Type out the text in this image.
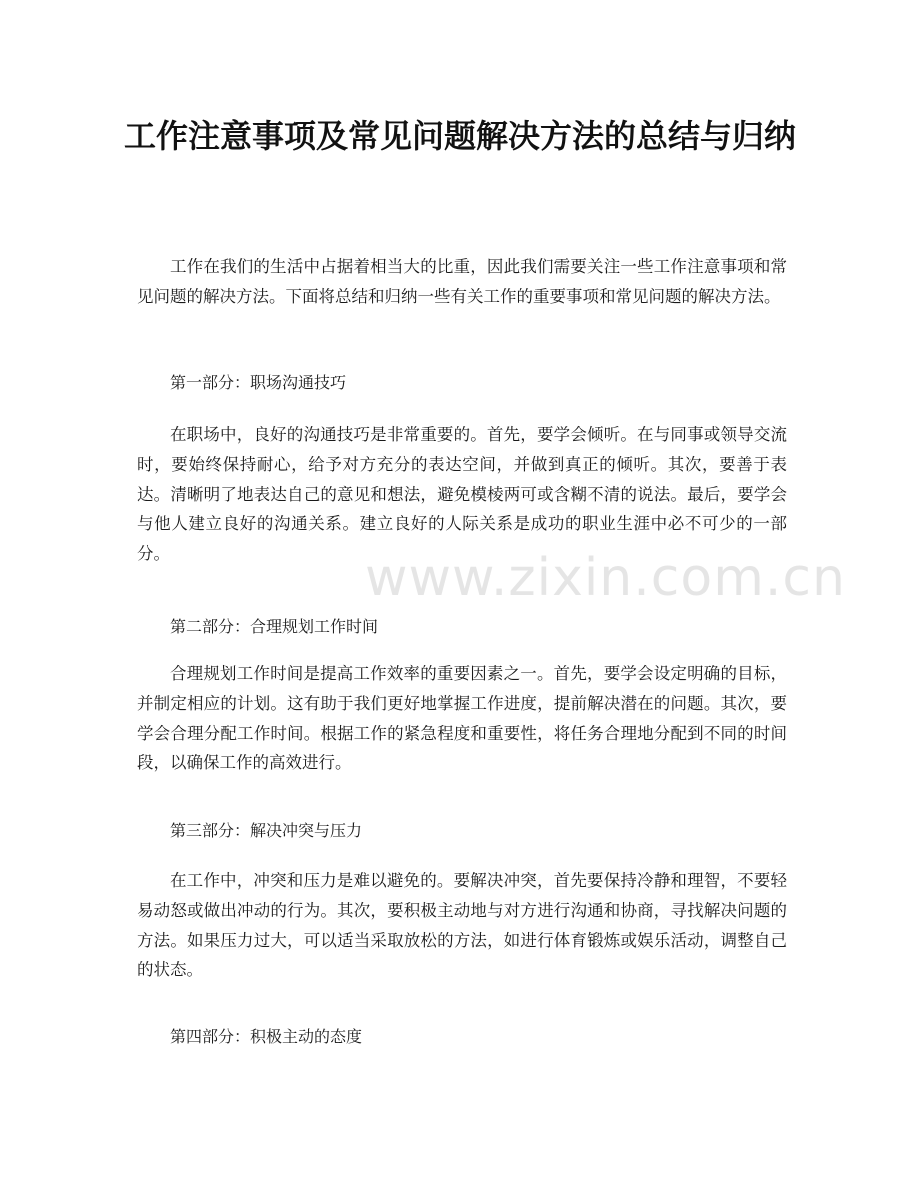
工作注意事项及常见问题解决方法的总结与归纳

工作在我们的生活中占据着相当大的比重，因此我们需要关注一些工作注意事项和常见问题的解决方法。下面将总结和归纳一些有关工作的重要事项和常见问题的解决方法。

第一部分：职场沟通技巧

在职场中，良好的沟通技巧是非常重要的。首先，要学会倾听。在与同事或领导交流时，要始终保持耐心，给予对方充分的表达空间，并做到真正的倾听。其次，要善于表达。清晰明了地表达自己的意见和想法，避免模棱两可或含糊不清的说法。最后，要学会与他人建立良好的沟通关系。建立良好的人际关系是成功的职业生涯中必不可少的一部分。

第二部分：合理规划工作时间

合理规划工作时间是提高工作效率的重要因素之一。首先，要学会设定明确的目标，并制定相应的计划。这有助于我们更好地掌握工作进度，提前解决潜在的问题。其次，要学会合理分配工作时间。根据工作的紧急程度和重要性，将任务合理地分配到不同的时间段，以确保工作的高效进行。

第三部分：解决冲突与压力

在工作中，冲突和压力是难以避免的。要解决冲突，首先要保持冷静和理智，不要轻易动怒或做出冲动的行为。其次，要积极主动地与对方进行沟通和协商，寻找解决问题的方法。如果压力过大，可以适当采取放松的方法，如进行体育锻炼或娱乐活动，调整自己的状态。

第四部分：积极主动的态度

www.zixin.com.cn
